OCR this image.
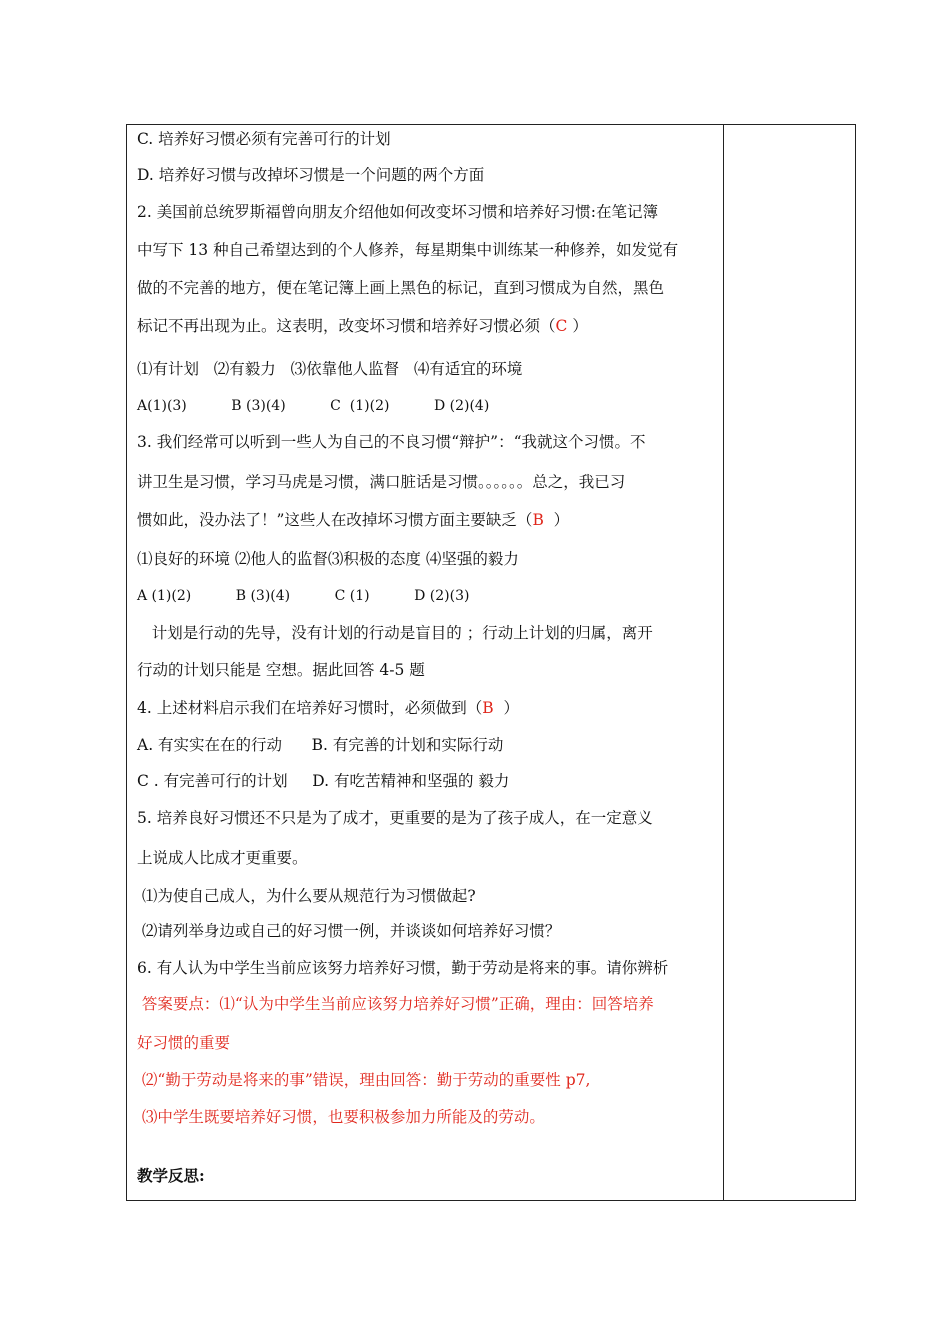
C. 培养好习惯必须有完善可行的计划
D. 培养好习惯与改掉坏习惯是一个问题的两个方面
2. 美国前总统罗斯福曾向朋友介绍他如何改变坏习惯和培养好习惯:在笔记簿
中写下 13 种自己希望达到的个人修养，每星期集中训练某一种修养，如发觉有
做的不完善的地方，便在笔记簿上画上黑色的标记，直到习惯成为自然，黑色
标记不再出现为止。这表明，改变坏习惯和培养好习惯必须（C ）
⑴有计划   ⑵有毅力   ⑶依靠他人监督   ⑷有适宜的环境
A(1)(3)          B (3)(4)          C  (1)(2)          D (2)(4)
3. 我们经常可以听到一些人为自己的不良习惯“辩护”：“我就这个习惯。不
讲卫生是习惯，学习马虎是习惯，满口脏话是习惯。。。。。。总之，我已习
惯如此，没办法了！”这些人在改掉坏习惯方面主要缺乏（B  ）
⑴良好的环境 ⑵他人的监督⑶积极的态度 ⑷坚强的毅力
A (1)(2)          B (3)(4)          C (1)          D (2)(3)
计划是行动的先导，没有计划的行动是盲目的 ；行动上计划的归属，离开
行动的计划只能是 空想。据此回答 4-5 题
4. 上述材料启示我们在培养好习惯时，必须做到（B  ）
A. 有实实在在的行动      B. 有完善的计划和实际行动
C . 有完善可行的计划     D. 有吃苦精神和坚强的 毅力
5. 培养良好习惯还不只是为了成才，更重要的是为了孩子成人，在一定意义
上说成人比成才更重要。
⑴为使自己成人，为什么要从规范行为习惯做起?
⑵请列举身边或自己的好习惯一例，并谈谈如何培养好习惯？
6. 有人认为中学生当前应该努力培养好习惯，勤于劳动是将来的事。请你辨析
答案要点：⑴“认为中学生当前应该努力培养好习惯”正确，理由：回答培养
好习惯的重要
⑵“勤于劳动是将来的事”错误，理由回答：勤于劳动的重要性 p7,
⑶中学生既要培养好习惯，也要积极参加力所能及的劳动。
教学反思:
